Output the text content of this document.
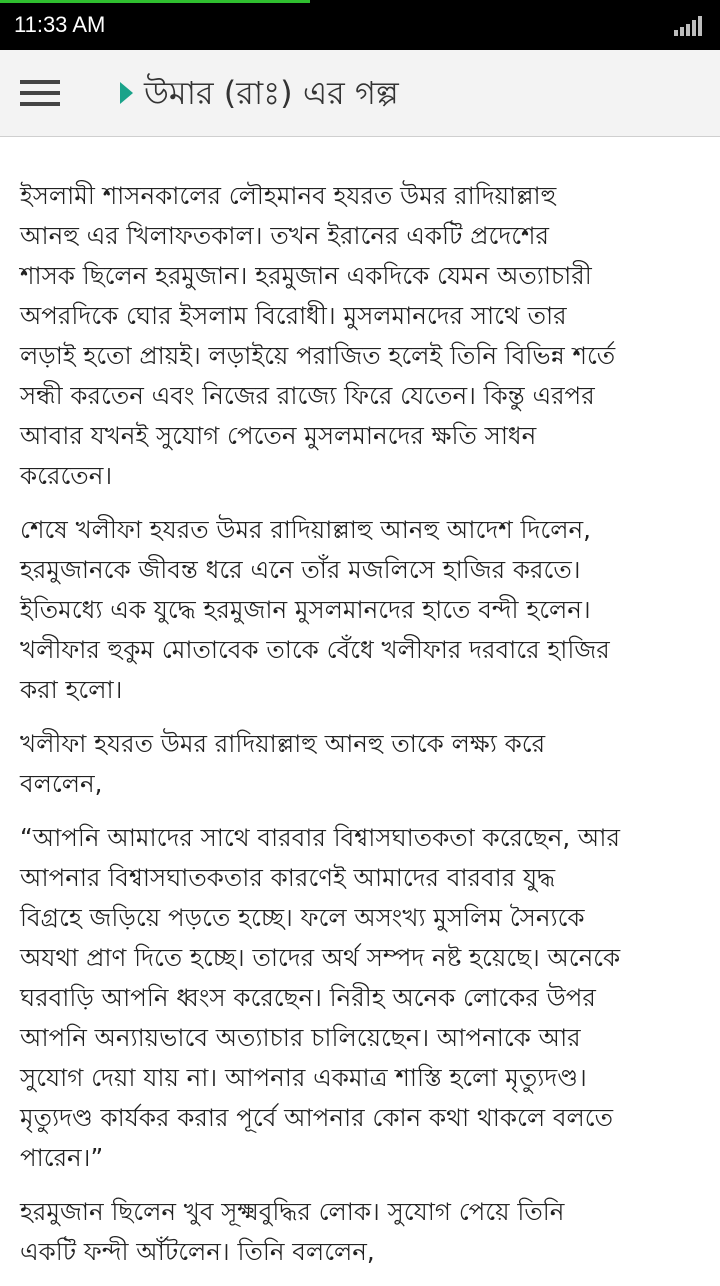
11:33 AM
উমার (রাঃ) এর গল্প

ইসলামী শাসনকালের লৌহমানব হযরত উমর রাদিয়াল্লাহু
আনহু এর খিলাফতকাল। তখন ইরানের একটি প্রদেশের
শাসক ছিলেন হরমুজান। হরমুজান একদিকে যেমন অত্যাচারী
অপরদিকে ঘোর ইসলাম বিরোধী। মুসলমানদের সাথে তার
লড়াই হতো প্রায়ই। লড়াইয়ে পরাজিত হলেই তিনি বিভিন্ন শর্তে
সন্ধী করতেন এবং নিজের রাজ্যে ফিরে যেতেন। কিন্তু এরপর
আবার যখনই সুযোগ পেতেন মুসলমানদের ক্ষতি সাধন
করেতেন।

শেষে খলীফা হযরত উমর রাদিয়াল্লাহু আনহু আদেশ দিলেন,
হরমুজানকে জীবন্ত ধরে এনে তাঁর মজলিসে হাজির করতে।
ইতিমধ্যে এক যুদ্ধে হরমুজান মুসলমানদের হাতে বন্দী হলেন।
খলীফার হুকুম মোতাবেক তাকে বেঁধে খলীফার দরবারে হাজির
করা হলো।

খলীফা হযরত উমর রাদিয়াল্লাহু আনহু তাকে লক্ষ্য করে
বললেন,

“আপনি আমাদের সাথে বারবার বিশ্বাসঘাতকতা করেছেন, আর
আপনার বিশ্বাসঘাতকতার কারণেই আমাদের বারবার যুদ্ধ
বিগ্রহে জড়িয়ে পড়তে হচ্ছে। ফলে অসংখ্য মুসলিম সৈন্যকে
অযথা প্রাণ দিতে হচ্ছে। তাদের অর্থ সম্পদ নষ্ট হয়েছে। অনেকে
ঘরবাড়ি আপনি ধ্বংস করেছেন। নিরীহ অনেক লোকের উপর
আপনি অন্যায়ভাবে অত্যাচার চালিয়েছেন। আপনাকে আর
সুযোগ দেয়া যায় না। আপনার একমাত্র শাস্তি হলো মৃত্যুদণ্ড।
মৃত্যুদণ্ড কার্যকর করার পূর্বে আপনার কোন কথা থাকলে বলতে
পারেন।”

হরমুজান ছিলেন খুব সূক্ষ্মবুদ্ধির লোক। সুযোগ পেয়ে তিনি
একটি ফন্দী আঁটলেন। তিনি বললেন,
